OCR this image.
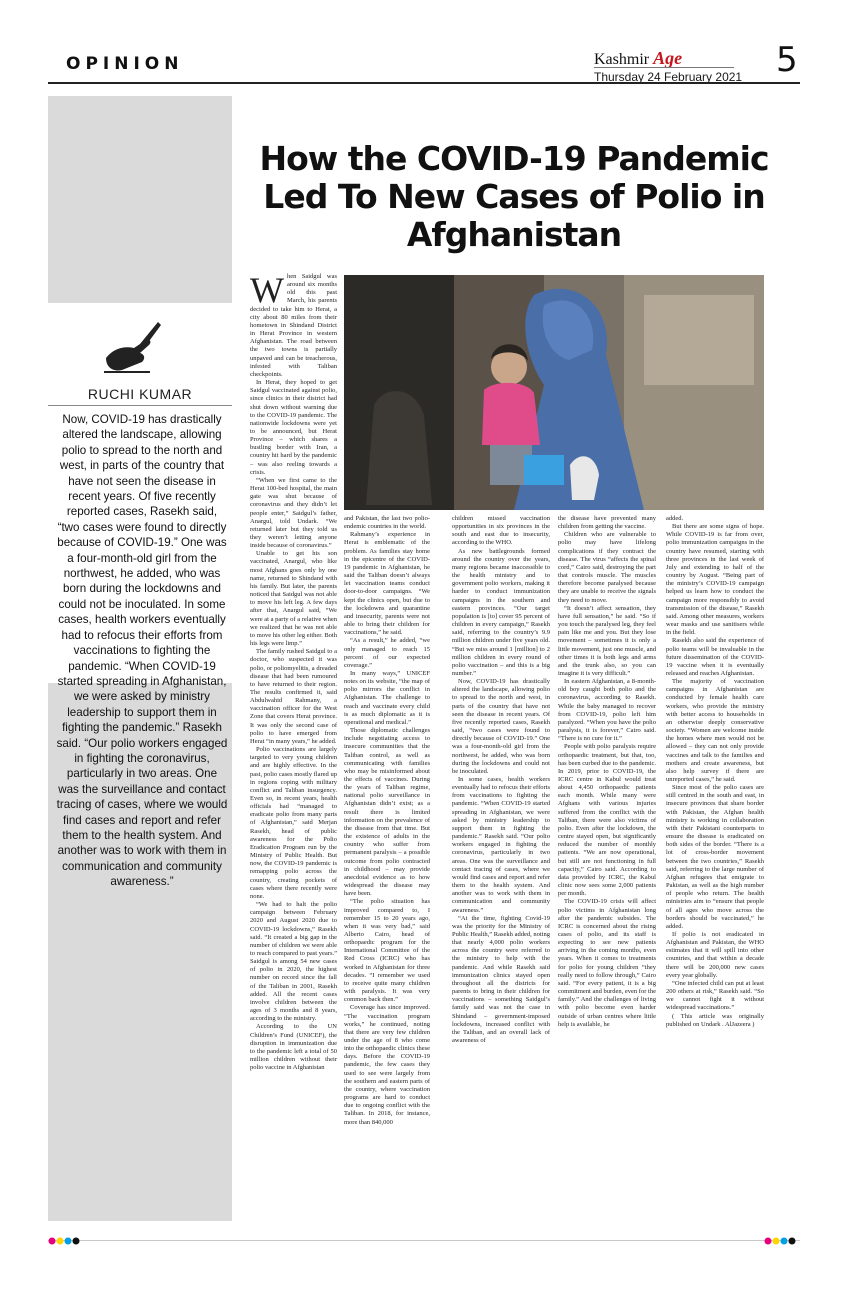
OPINION	Kashmir Age
Thursday 24 February 2021 5
How the COVID-19 Pandemic Led To New Cases of Polio in Afghanistan
RUCHI KUMAR
Now, COVID-19 has drastically altered the landscape, allowing polio to spread to the north and west, in parts of the country that have not seen the disease in recent years. Of five recently reported cases, Rasekh said, “two cases were found to directly because of COVID-19.” One was a four-month-old girl from the northwest, he added, who was born during the lockdowns and could not be inoculated. In some cases, health workers eventually had to refocus their efforts from vaccinations to fighting the pandemic. “When COVID-19 started spreading in Afghanistan, we were asked by ministry leadership to support them in fighting the pandemic.” Rasekh said. “Our polio workers engaged in fighting the coronavirus, particularly in two areas. One was the surveillance and contact tracing of cases, where we would find cases and report and refer them to the health system. And another was to work with them in communication and community awareness.”

When Saidgul was around six months old this past March, his parents decided to take him to Herat, a city about 80 miles from their hometown in Shindand District in Herat Province in western Afghanistan. The road between the two towns is partially unpaved and can be treacherous, infested with Taliban checkpoints.

In Herat, they hoped to get Saidgul vaccinated against polio, since clinics in their district had shut down without warning due to the COVID-19 pandemic. The nationwide lockdowns were yet to be announced, but Herat Province – which shares a bustling border with Iran, a country hit hard by the pandemic – was also reeling towards a crisis.

“When we first came to the Herat 100-bed hospital, the main gate was shut because of coronavirus and they didn’t let people enter,” Saidgul’s father, Anargul, told Undark. “We returned later but they told us they weren’t letting anyone inside because of coronavirus.”

Unable to get his son vaccinated, Anargul, who like most Afghans goes only by one name, returned to Shindand with his family. But later, the parents noticed that Saidgul was not able to move his left leg. A few days after that, Anargul said, “We were at a party of a relative when we realized that he was not able to move his other leg either. Both his legs were limp.”

The family rushed Saidgul to a doctor, who suspected it was polio, or poliomyelitis, a dreaded disease that had been rumoured to have returned to their region. The results confirmed it, said Abdulwahid Rahmany, a vaccination officer for the West Zone that covers Herat province. It was only the second case of polio to have emerged from Herat “in many years,” he added.

Polio vaccinations are largely targeted to very young children and are highly effective. In the past, polio cases mostly flared up in regions coping with military conflict and Taliban insurgency. Even so, in recent years, health officials had “managed to eradicate polio from many parts of Afghanistan,” said Merjan Rasekh, head of public awareness for the Polio Eradication Program run by the Ministry of Public Health. But now, the COVID-19 pandemic is remapping polio across the country, creating pockets of cases where there recently were none.

“We had to halt the polio campaign between February 2020 and August 2020 due to COVID-19 lockdowns,” Rasekh said. “It created a big gap in the number of children we were able to reach compared to past years.” Saidgul is among 54 new cases of polio in 2020, the highest number on record since the fall of the Taliban in 2001, Rasekh added. All the recent cases involve children between the ages of 3 months and 8 years, according to the ministry.

According to the UN Children’s Fund (UNICEF), the disruption in immunization due to the pandemic left a total of 50 million children without their polio vaccine in Afghanistan

and Pakistan, the last two polio-endemic countries in the world.

Rahmany’s experience in Herat is emblematic of the problem. As families stay home in the epicentre of the COVID-19 pandemic in Afghanistan, he said the Taliban doesn’t always let vaccination teams conduct door-to-door campaigns. “We kept the clinics open, but due to the lockdowns and quarantine and insecurity, parents were not able to bring their children for vaccinations,” he said.

“As a result,” he added, “we only managed to reach 15 percent of our expected coverage.”

In many ways,” UNICEF notes on its website, “the map of polio mirrors the conflict in Afghanistan. The challenge to reach and vaccinate every child is as much diplomatic as it is operational and medical.”

Those diplomatic challenges include negotiating access to insecure communities that the Taliban control, as well as communicating with families who may be misinformed about the effects of vaccines. During the years of Taliban regime, national polio surveillance in Afghanistan didn’t exist; as a result there is limited information on the prevalence of the disease from that time. But the existence of adults in the country who suffer from permanent paralysis – a possible outcome from polio contracted in childhood – may provide anecdotal evidence as to how widespread the disease may have been.

“The polio situation has improved compared to, I remember 15 to 20 years ago, when it was very bad,” said Alberto Cairo, head of orthopaedic program for the International Committee of the Red Cross (ICRC) who has worked in Afghanistan for three decades. “I remember we used to receive quite many children with paralysis. It was very common back then.”

Coverage has since improved. “The vaccination program works,” he continued, noting that there are very few children under the age of 8 who come into the orthopaedic clinics these days. Before the COVID-19 pandemic, the few cases they used to see were largely from the southern and eastern parts of the country, where vaccination programs are hard to conduct due to ongoing conflict with the Taliban. In 2018, for instance, more than 840,000

children missed vaccination opportunities in six provinces in the south and east due to insecurity, according to the WHO.

As new battlegrounds formed around the country over the years, many regions became inaccessible to the health ministry and to government polio workers, making it harder to conduct immunization campaigns in the southern and eastern provinces. “Our target population is [to] cover 95 percent of children in every campaign,” Rasekh said, referring to the country’s 9.9 million children under five years old. “But we miss around 1 [million] to 2 million children in every round of polio vaccination – and this is a big number.”

Now, COVID-19 has drastically altered the landscape, allowing polio to spread to the north and west, in parts of the country that have not seen the disease in recent years. Of five recently reported cases, Rasekh said, “two cases were found to directly because of COVID-19.” One was a four-month-old girl from the northwest, he added, who was born during the lockdowns and could not be inoculated.

In some cases, health workers eventually had to refocus their efforts from vaccinations to fighting the pandemic. “When COVID-19 started spreading in Afghanistan, we were asked by ministry leadership to support them in fighting the pandemic.” Rasekh said. “Our polio workers engaged in fighting the coronavirus, particularly in two areas. One was the surveillance and contact tracing of cases, where we would find cases and report and refer them to the health system. And another was to work with them in communication and community awareness.”

“At the time, fighting Covid-19 was the priority for the Ministry of Public Health,” Rasekh added, noting that nearly 4,000 polio workers across the country were referred to the ministry to help with the pandemic. And while Rasekh said immunization clinics stayed open throughout all the districts for parents to bring in their children for vaccinations – something Saidgul’s family said was not the case in Shindand – government-imposed lockdowns, increased conflict with the Taliban, and an overall lack of awareness of

the disease have prevented many children from getting the vaccine.

Children who are vulnerable to polio may have lifelong complications if they contract the disease. The virus “affects the spinal cord,” Cairo said, destroying the part that controls muscle. The muscles therefore become paralysed because they are unable to receive the signals they need to move.

“It doesn’t affect sensation, they have full sensation,” he said. “So if you touch the paralysed leg, they feel pain like me and you. But they lose movement – sometimes it is only a little movement, just one muscle, and other times it is both legs and arms and the trunk also, so you can imagine it is very difficult.”

In eastern Afghanistan, a 8-month-old boy caught both polio and the coronavirus, according to Rasekh. While the baby managed to recover from COVID-19, polio left him paralyzed. “When you have the polio paralysis, it is forever,” Cairo said. “There is no cure for it.”

People with polio paralysis require orthopaedic treatment, but that, too, has been curbed due to the pandemic. In 2019, prior to COVID-19, the ICRC centre in Kabul would treat about 4,450 orthopaedic patients each month. While many were Afghans with various injuries suffered from the conflict with the Taliban, there were also victims of polio. Even after the lockdown, the centre stayed open, but significantly reduced the number of monthly patients. “We are now operational, but still are not functioning in full capacity,” Cairo said. According to data provided by ICRC, the Kabul clinic now sees some 2,000 patients per month.

The COVID-19 crisis will affect polio victims in Afghanistan long after the pandemic subsides. The ICRC is concerned about the rising cases of polio, and its staff is expecting to see new patients arriving in the coming months, even years. When it comes to treatments for polio for young children “they really need to follow through,” Cairo said. “For every patient, it is a big commitment and burden, even for the family.” And the challenges of living with polio become even harder outside of urban centres where little help is available, he

added.

But there are some signs of hope. While COVID-19 is far from over, polio immunization campaigns in the country have resumed, starting with three provinces in the last week of July and extending to half of the country by August. “Being part of the ministry’s COVID-19 campaign helped us learn how to conduct the campaign more responsibly to avoid transmission of the disease,” Rasekh said. Among other measures, workers wear masks and use sanitisers while in the field.

Rasekh also said the experience of polio teams will be invaluable in the future dissemination of the COVID-19 vaccine when it is eventually released and reaches Afghanistan.

The majority of vaccination campaigns in Afghanistan are conducted by female health care workers, who provide the ministry with better access to households in an otherwise deeply conservative society. “Women are welcome inside the homes where men would not be allowed – they can not only provide vaccines and talk to the families and mothers and create awareness, but also help survey if there are unreported cases,” he said.

Since most of the polio cases are still centred in the south and east, in insecure provinces that share border with Pakistan, the Afghan health ministry is working in collaboration with their Pakistani counterparts to ensure the disease is eradicated on both sides of the border. “There is a lot of cross-border movement between the two countries,” Rasekh said, referring to the large number of Afghan refugees that emigrate to Pakistan, as well as the high number of people who return. The health ministries aim to “ensure that people of all ages who move across the borders should be vaccinated,” he added.

If polio is not eradicated in Afghanistan and Pakistan, the WHO estimates that it will spill into other countries, and that within a decade there will be 200,000 new cases every year globally.

“One infected child can put at least 200 others at risk,” Rasekh said. “So we cannot fight it without widespread vaccinations.”

( This article was originally published on Undark . AlJazeera )
